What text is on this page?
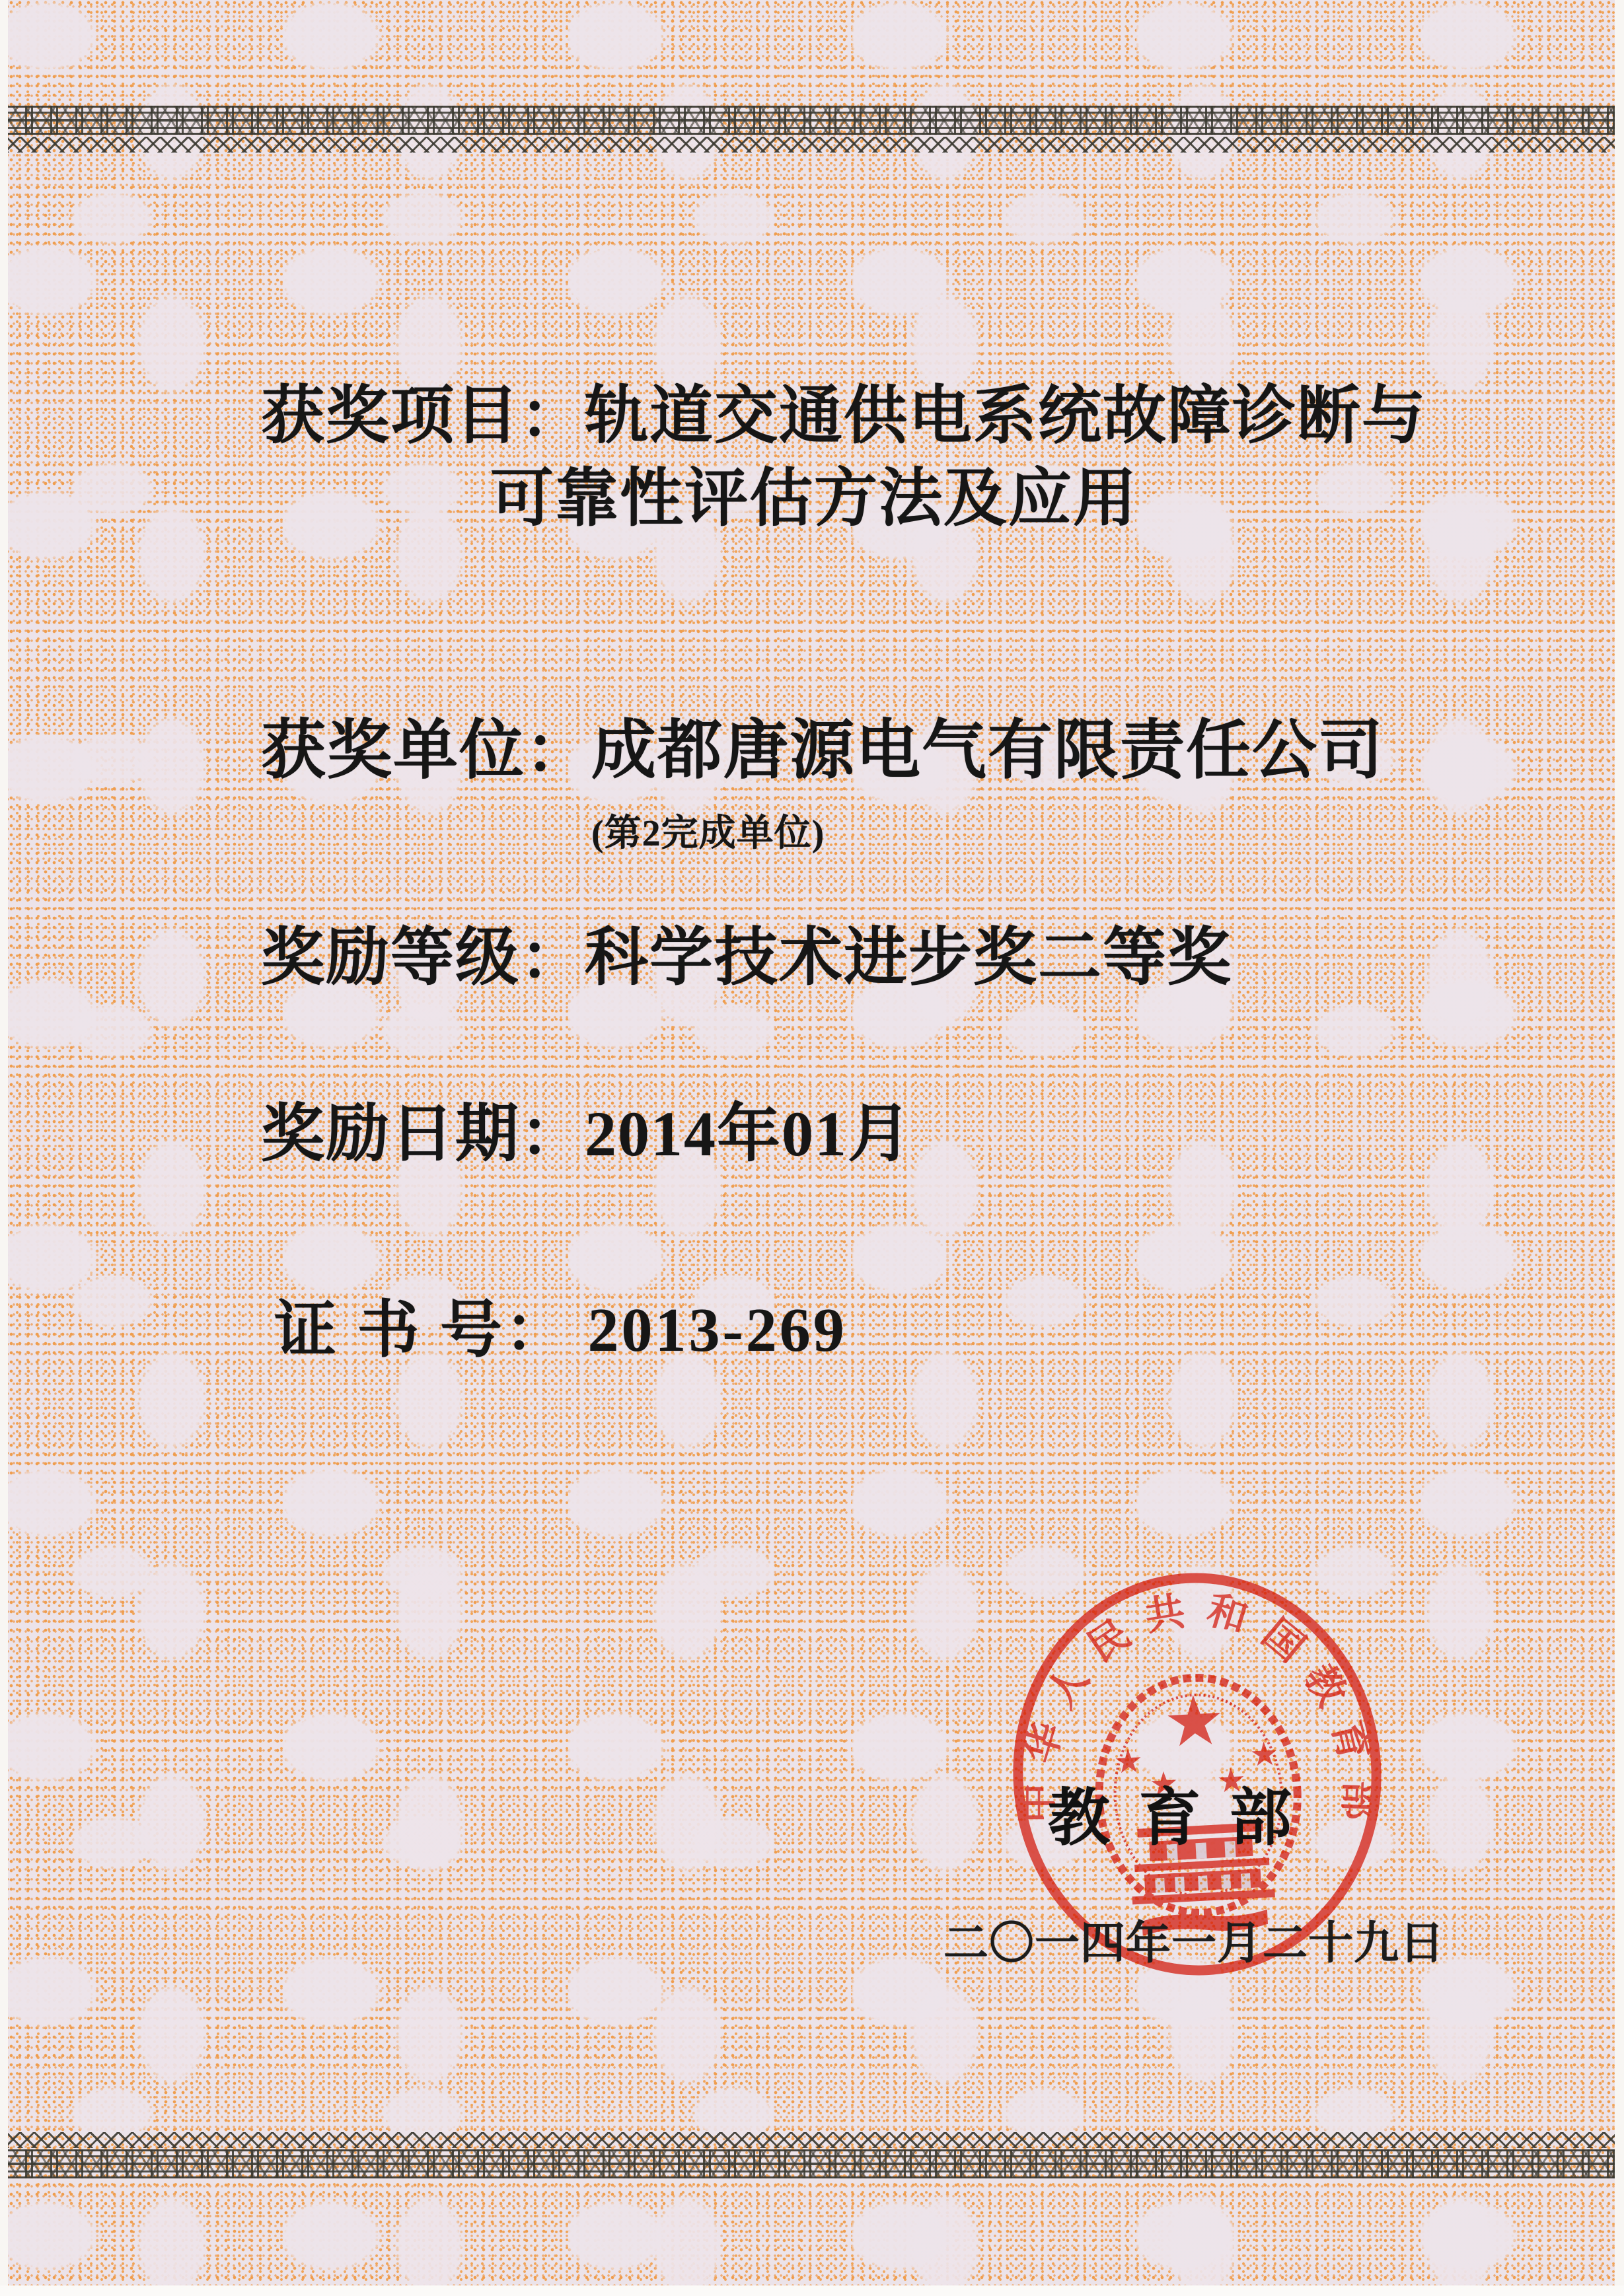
获奖项目：轨道交通供电系统故障诊断与
可靠性评估方法及应用
获奖单位：成都唐源电气有限责任公司
(第2完成单位)
奖励等级：科学技术进步奖二等奖
奖励日期：2014年01月
证 书 号： 2013-269
中华人民共和国教育部
教 育 部
二〇一四年一月二十九日
